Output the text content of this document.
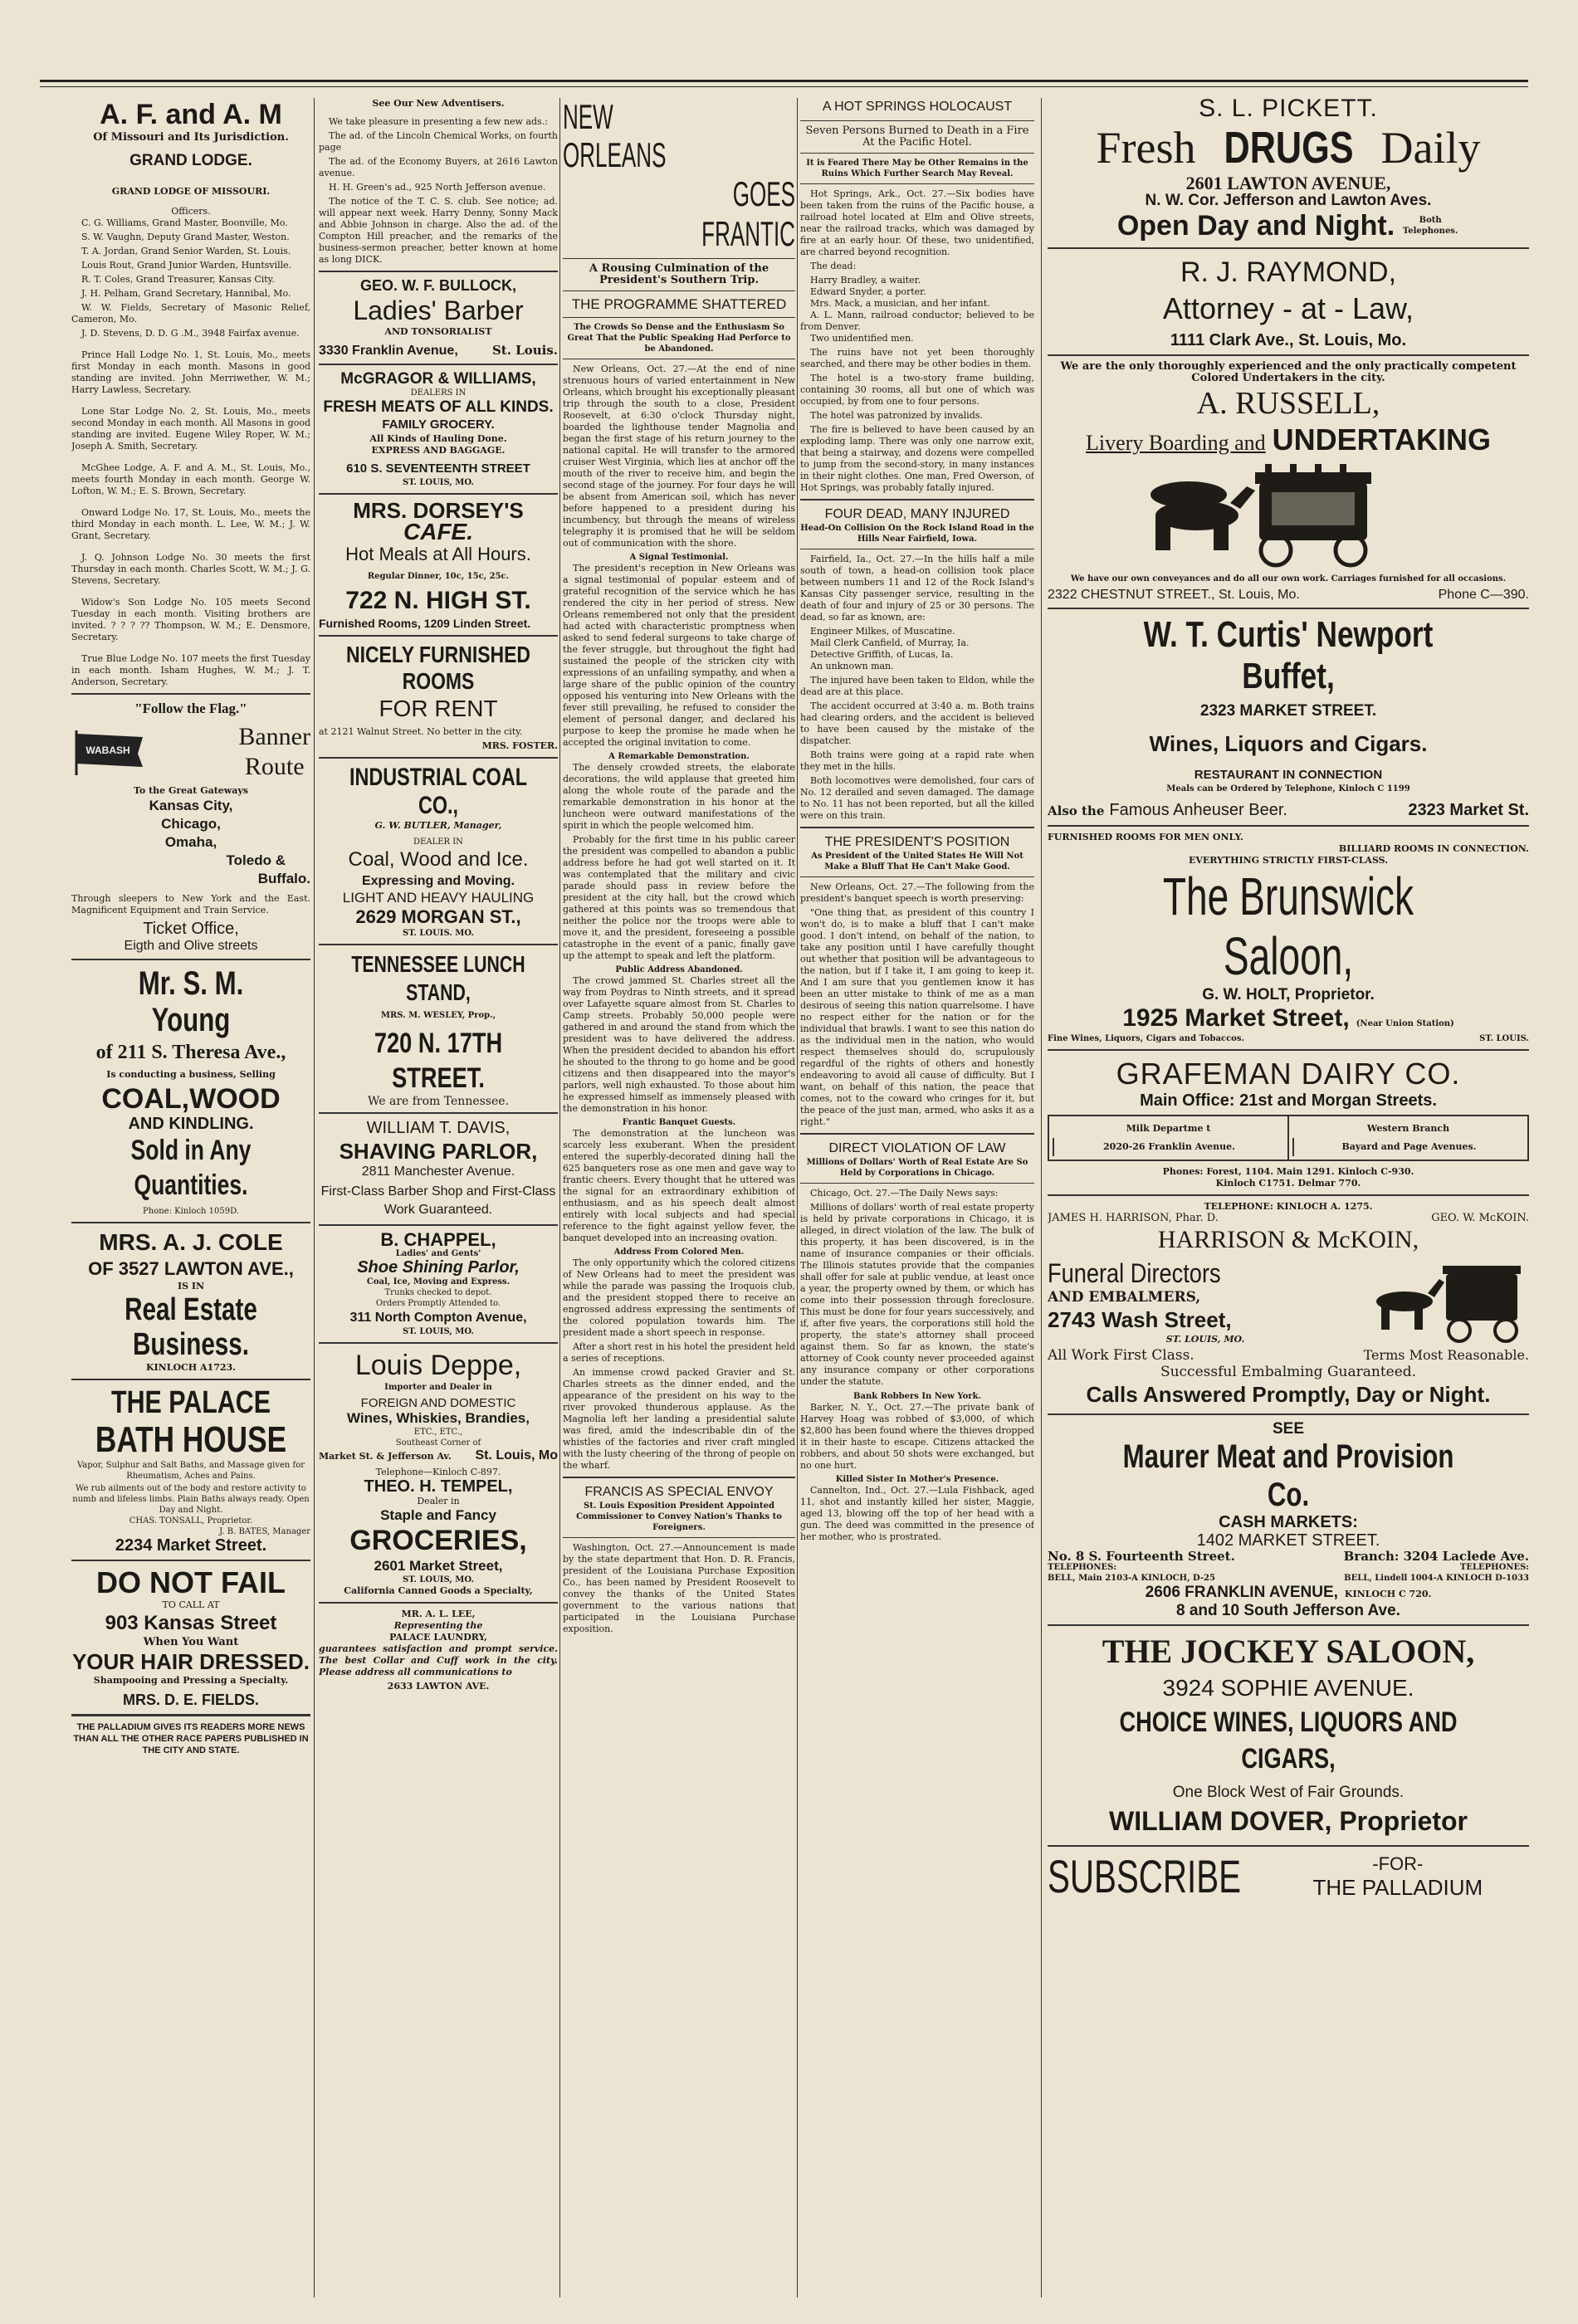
A. F. and A. M
Of Missouri and Its Jurisdiction.
GRAND LODGE.
GRAND LODGE OF MISSOURI.
Officers.
C. G. Williams, Grand Master, Boonville, Mo.
S. W. Vaughn, Deputy Grand Master, Weston.
T. A. Jordan, Grand Senior Warden, St. Louis.
Louis Rout, Grand Junior Warden, Huntsville.
R. T. Coles, Grand Treasurer, Kansas City.
J. H. Pelham, Grand Secretary, Hannibal, Mo.
W. W. Fields, Secretary of Masonic Relief, Cameron, Mo.
J. D. Stevens, D. D. G .M., 3948 Fairfax avenue.
Prince Hall Lodge No. 1, St. Louis, Mo., meets first Monday in each month. Masons in good standing are invited. John Merriwether, W. M.; Harry Lawless, Secretary.
Lone Star Lodge No. 2, St. Louis, Mo., meets second Monday in each month. All Masons in good standing are invited. Eugene Wiley Roper, W. M.; Joseph A. Smith, Secretary.
McGhee Lodge, A. F. and A. M., St. Louis, Mo., meets fourth Monday in each month. George W. Lofton, W. M.; E. S. Brown, Secretary.
Onward Lodge No. 17, St. Louis, Mo., meets the third Monday in each month. L. Lee, W. M.; J. W. Grant, Secretary.
J. Q. Johnson Lodge No. 30 meets the first Thursday in each month. Charles Scott, W. M.; J. G. Stevens, Secretary.
Widow's Son Lodge No. 105 meets Second Tuesday in each month. Visiting brothers are invited. ? ? ? ?? Thompson, W. M.; E. Densmore, Secretary.
True Blue Lodge No. 107 meets the first Tuesday in each month. Isham Hughes, W. M.; J. T. Anderson, Secretary.
"Follow the Flag."
WABASH	Banner
Route
To the Great Gateways
Kansas City,
Chicago,
Omaha,
Toledo &
Buffalo.
Through sleepers to New York and the East. Magnificent Equipment and Train Service.
Ticket Office,
Eigth and Olive streets
Mr. S. M. Young
of 211 S. Theresa Ave.,
Is conducting a business, Selling
COAL,WOOD
AND KINDLING.
Sold in Any Quantities.
Phone: Kinloch 1059D.
MRS. A. J. COLE
OF 3527 LAWTON AVE.,
IS IN
Real Estate Business.
KINLOCH A1723.
THE PALACE
BATH HOUSE
Vapor, Sulphur and Salt Baths, and Massage given for Rheumatism, Aches and Pains.
We rub ailments out of the body and restore activity to numb and lifeless limbs. Plain Baths always ready. Open Day and Night.
CHAS. TONSALL, Proprietor.
J. B. BATES, Manager
2234 Market Street.
DO NOT FAIL
TO CALL AT
903 Kansas Street
When You Want
YOUR HAIR DRESSED.
Shampooing and Pressing a Specialty.
MRS. D. E. FIELDS.
THE PALLADIUM GIVES ITS READERS MORE NEWS THAN ALL THE OTHER RACE PAPERS PUBLISHED IN THE CITY AND STATE.
See Our New Adventisers.
We take pleasure in presenting a few new ads.:
The ad. of the Lincoln Chemical Works, on fourth page
The ad. of the Economy Buyers, at 2616 Lawton avenue.
H. H. Green's ad., 925 North Jefferson avenue.
The notice of the T. C. S. club. See notice; ad. will appear next week. Harry Denny, Sonny Mack and Abbie Johnson in charge. Also the ad. of the Compton Hill preacher, and the remarks of the business-sermon preacher, better known at home as long DICK.
GEO. W. F. BULLOCK,
Ladies' Barber
AND TONSORIALIST
3330 Franklin Avenue,	St. Louis.
McGRAGOR & WILLIAMS,
DEALERS IN
FRESH MEATS OF ALL KINDS.
FAMILY GROCERY.
All Kinds of Hauling Done.
EXPRESS AND BAGGAGE.
610 S. SEVENTEENTH STREET
ST. LOUIS, MO.
MRS. DORSEY'S
CAFE.
Hot Meals at All Hours.
Regular Dinner, 10c, 15c, 25c.
722 N. HIGH ST.
Furnished Rooms, 1209 Linden Street.
NICELY FURNISHED ROOMS
FOR RENT
at 2121 Walnut Street. No better in the city.
MRS. FOSTER.
INDUSTRIAL COAL CO.,
G. W. BUTLER, Manager,
DEALER IN
Coal, Wood and Ice.
Expressing and Moving.
LIGHT AND HEAVY HAULING
2629 MORGAN ST.,
ST. LOUIS. MO.
TENNESSEE LUNCH STAND,
MRS. M. WESLEY, Prop.,
720 N. 17TH STREET.
We are from Tennessee.
WILLIAM T. DAVIS,
SHAVING PARLOR,
2811 Manchester Avenue.
First-Class Barber Shop and First-Class Work Guaranteed.
B. CHAPPEL,
Ladies' and Gents'
Shoe Shining Parlor,
Coal, Ice, Moving and Express.
Trunks checked to depot.
Orders Promptly Attended to.
311 North Compton Avenue,
ST. LOUIS, MO.
Louis Deppe,
Importer and Dealer in
FOREIGN AND DOMESTIC
Wines, Whiskies, Brandies,
ETC., ETC.,
Southeast Corner of
Market St. & Jefferson Av. St. Louis, Mo
Telephone—Kinloch C-897.
THEO. H. TEMPEL,
Dealer in
Staple and Fancy
GROCERIES,
2601 Market Street,
ST. LOUIS, MO.
California Canned Goods a Specialty,
MR. A. L. LEE,
Representing the
PALACE LAUNDRY,
guarantees satisfaction and prompt service. The best Collar and Cuff work in the city. Please address all communications to
2633 LAWTON AVE.
NEW ORLEANS
GOES FRANTIC
A Rousing Culmination of the President's Southern Trip.
THE PROGRAMME SHATTERED
The Crowds So Dense and the Enthusiasm So Great That the Public Speaking Had Perforce to be Abandoned.
New Orleans, Oct. 27.—At the end of nine strenuous hours of varied entertainment in New Orleans, which brought his exceptionally pleasant trip through the south to a close, President Roosevelt, at 6:30 o'clock Thursday night, boarded the lighthouse tender Magnolia and began the first stage of his return journey to the national capital. He will transfer to the armored cruiser West Virginia, which lies at anchor off the mouth of the river to receive him, and begin the second stage of the journey. For four days he will be absent from American soil, which has never before happened to a president during his incumbency, but through the means of wireless telegraphy it is promised that he will be seldom out of communication with the shore.
A Signal Testimonial.
The president's reception in New Orleans was a signal testimonial of popular esteem and of grateful recognition of the service which he has rendered the city in her period of stress. New Orleans remembered not only that the president had acted with characteristic promptness when asked to send federal surgeons to take charge of the fever struggle, but throughout the fight had sustained the people of the stricken city with expressions of an unfailing sympathy, and when a large share of the public opinion of the country opposed his venturing into New Orleans with the fever still prevailing, he refused to consider the element of personal danger, and declared his purpose to keep the promise he made when he accepted the original invitation to come.
A Remarkable Demonstration.
The densely crowded streets, the elaborate decorations, the wild applause that greeted him along the whole route of the parade and the remarkable demonstration in his honor at the luncheon were outward manifestations of the spirit in which the people welcomed him.
Probably for the first time in his public career the president was compelled to abandon a public address before he had got well started on it. It was contemplated that the military and civic parade should pass in review before the president at the city hall, but the crowd which gathered at this points was so tremendous that neither the police nor the troops were able to move it, and the president, foreseeing a possible catastrophe in the event of a panic, finally gave up the attempt to speak and left the platform.
Public Address Abandoned.
The crowd jammed St. Charles street all the way from Poydras to Ninth streets, and it spread over Lafayette square almost from St. Charles to Camp streets. Probably 50,000 people were gathered in and around the stand from which the president was to have delivered the address. When the president decided to abandon his effort he shouted to the throng to go home and be good citizens and then disappeared into the mayor's parlors, well nigh exhausted. To those about him he expressed himself as immensely pleased with the demonstration in his honor.
Frantic Banquet Guests.
The demonstration at the luncheon was scarcely less exuberant. When the president entered the superbly-decorated dining hall the 625 banqueters rose as one men and gave way to frantic cheers. Every thought that he uttered was the signal for an extraordinary exhibition of enthusiasm, and as his speech dealt almost entirely with local subjects and had special reference to the fight against yellow fever, the banquet developed into an increasing ovation.
Address From Colored Men.
The only opportunity which the colored citizens of New Orleans had to meet the president was while the parade was passing the Iroquois club, and the president stopped there to receive an engrossed address expressing the sentiments of the colored population towards him. The president made a short speech in response.
After a short rest in his hotel the president held a series of receptions.
An immense crowd packed Gravier and St. Charles streets as the dinner ended, and the appearance of the president on his way to the river provoked thunderous applause. As the Magnolia left her landing a presidential salute was fired, amid the indescribable din of the whistles of the factories and river craft mingled with the lusty cheering of the throng of people on the wharf.
FRANCIS AS SPECIAL ENVOY
St. Louis Exposition President Appointed Commissioner to Convey Nation's Thanks to Foreigners.
Washington, Oct. 27.—Announcement is made by the state department that Hon. D. R. Francis, president of the Louisiana Purchase Exposition Co., has been named by President Roosevelt to convey the thanks of the United States government to the various nations that participated in the Louisiana Purchase exposition.
A HOT SPRINGS HOLOCAUST
Seven Persons Burned to Death in a Fire At the Pacific Hotel.
It is Feared There May be Other Remains in the Ruins Which Further Search May Reveal.
Hot Springs, Ark., Oct. 27.—Six bodies have been taken from the ruins of the Pacific house, a railroad hotel located at Elm and Olive streets, near the railroad tracks, which was damaged by fire at an early hour. Of these, two unidentified, are charred beyond recognition.
The dead:
Harry Bradley, a waiter.
Edward Snyder, a porter.
Mrs. Mack, a musician, and her infant.
A. L. Mann, railroad conductor; believed to be from Denver.
Two unidentified men.
The ruins have not yet been thoroughly searched, and there may be other bodies in them.
The hotel is a two-story frame building, containing 30 rooms, all but one of which was occupied, by from one to four persons.
The hotel was patronized by invalids.
The fire is believed to have been caused by an exploding lamp. There was only one narrow exit, that being a stairway, and dozens were compelled to jump from the second-story, in many instances in their night clothes. One man, Fred Owerson, of Hot Springs, was probably fatally injured.
FOUR DEAD, MANY INJURED
Head-On Collision On the Rock Island Road in the Hills Near Fairfield, Iowa.
Fairfield, Ia., Oct. 27.—In the hills half a mile south of town, a head-on collision took place between numbers 11 and 12 of the Rock Island's Kansas City passenger service, resulting in the death of four and injury of 25 or 30 persons. The dead, so far as known, are:
Engineer Milkes, of Muscatine.
Mail Clerk Canfield, of Murray, Ia.
Detective Griffith, of Lucas, Ia.
An unknown man.
The injured have been taken to Eldon, while the dead are at this place.
The accident occurred at 3:40 a. m. Both trains had clearing orders, and the accident is believed to have been caused by the mistake of the dispatcher.
Both trains were going at a rapid rate when they met in the hills.
Both locomotives were demolished, four cars of No. 12 derailed and seven damaged. The damage to No. 11 has not been reported, but all the killed were on this train.
THE PRESIDENT'S POSITION
As President of the United States He Will Not Make a Bluff That He Can't Make Good.
New Orleans, Oct. 27.—The following from the president's banquet speech is worth preserving:
"One thing that, as president of this country I won't do, is to make a bluff that I can't make good. I don't intend, on behalf of the nation, to take any position until I have carefully thought out whether that position will be advantageous to the nation, but if I take it, I am going to keep it. And I am sure that you gentlemen know it has been an utter mistake to think of me as a man desirous of seeing this nation quarrelsome. I have no respect either for the nation or for the individual that brawls. I want to see this nation do as the individual men in the nation, who would respect themselves should do, scrupulously regardful of the rights of others and honestly endeavoring to avoid all cause of difficulty. But I want, on behalf of this nation, the peace that comes, not to the coward who cringes for it, but the peace of the just man, armed, who asks it as a right."
DIRECT VIOLATION OF LAW
Millions of Dollars' Worth of Real Estate Are So Held by Corporations in Chicago.
Chicago, Oct. 27.—The Daily News says:
Millions of dollars' worth of real estate property is held by private corporations in Chicago, it is alleged, in direct violation of the law. The bulk of this property, it has been discovered, is in the name of insurance companies or their officials. The Illinois statutes provide that the companies shall offer for sale at public vendue, at least once a year, the property owned by them, or which has come into their possession through foreclosure. This must be done for four years successively, and if, after five years, the corporations still hold the property, the state's attorney shall proceed against them. So far as known, the state's attorney of Cook county never proceeded against any insurance company or other corporations under the statute.
Bank Robbers In New York.
Barker, N. Y., Oct. 27.—The private bank of Harvey Hoag was robbed of $3,000, of which $2,800 has been found where the thieves dropped it in their haste to escape. Citizens attacked the robbers, and about 50 shots were exchanged, but no one hurt.
Killed Sister In Mother's Presence.
Cannelton, Ind., Oct. 27.—Lula Fishback, aged 11, shot and instantly killed her sister, Maggie, aged 13, blowing off the top of her head with a gun. The deed was committed in the presence of her mother, who is prostrated.
S. L. PICKETT.
Fresh DRUGS Daily
2601 LAWTON AVENUE,
N. W. Cor. Jefferson and Lawton Aves.
Open Day and Night.	Both Telephones.
R. J. RAYMOND,
Attorney - at - Law,
1111 Clark Ave., St. Louis, Mo.
We are the only thoroughly experienced and the only practically competent Colored Undertakers in the city.
A. RUSSELL,
Livery Boarding and UNDERTAKING
We have our own conveyances and do all our own work. Carriages furnished for all occasions.
2322 CHESTNUT STREET., St. Louis, Mo.	Phone C—390.
W. T. Curtis' Newport Buffet,
2323 MARKET STREET.
Wines, Liquors and Cigars.
RESTAURANT IN CONNECTION
Meals can be Ordered by Telephone, Kinloch C 1199
Also the Famous Anheuser Beer.	2323 Market St.
FURNISHED ROOMS FOR MEN ONLY.
BILLIARD ROOMS IN CONNECTION.
EVERYTHING STRICTLY FIRST-CLASS.
The Brunswick Saloon,
G. W. HOLT, Proprietor.
1925 Market Street, (Near Union Station)
Fine Wines, Liquors, Cigars and Tobaccos.	ST. LOUIS.
GRAFEMAN DAIRY CO.
Main Office: 21st and Morgan Streets.
Milk Departme t
2020-26 Franklin Avenue.
Western Branch
Bayard and Page Avenues.
Phones: Forest, 1104. Main 1291. Kinloch C-930.
Kinloch C1751. Delmar 770.
TELEPHONE: KINLOCH A. 1275.
JAMES H. HARRISON, Phar. D.	GEO. W. McKOIN.
HARRISON & McKOIN,
Funeral Directors
AND EMBALMERS,
2743 Wash Street,
ST. LOUIS, MO.
All Work First Class.	Terms Most Reasonable.
Successful Embalming Guaranteed.
Calls Answered Promptly, Day or Night.
SEE
Maurer Meat and Provision Co.
CASH MARKETS:
1402 MARKET STREET.
No. 8 S. Fourteenth Street.	Branch: 3204 Laclede Ave.
TELEPHONES:	TELEPHONES:
BELL, Main 2103-A KINLOCH, D-25	BELL, Lindell 1004-A KINLOCH D-1033
2606 FRANKLIN AVENUE, KINLOCH C 720.
8 and 10 South Jefferson Ave.
THE JOCKEY SALOON,
3924 SOPHIE AVENUE.
CHOICE WINES, LIQUORS AND CIGARS,
One Block West of Fair Grounds.
WILLIAM DOVER, Proprietor
SUBSCRIBE	-FOR-
THE PALLADIUM
